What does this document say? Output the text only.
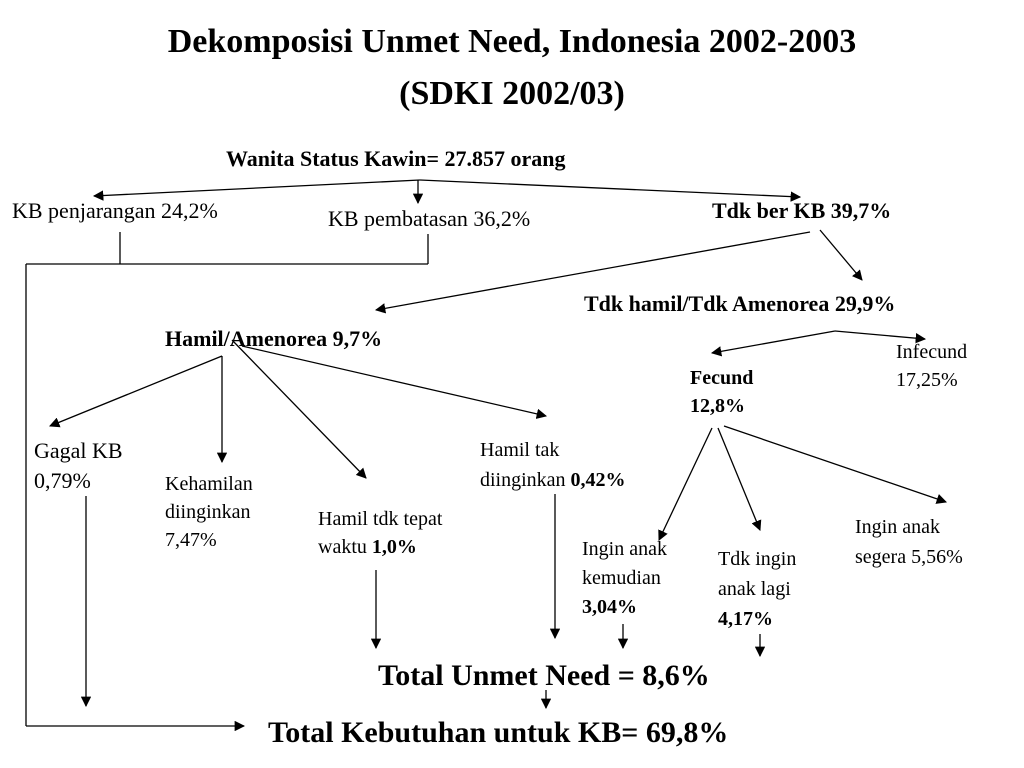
Dekomposisi Unmet Need, Indonesia 2002-2003
(SDKI 2002/03)
Wanita Status Kawin= 27.857 orang
KB penjarangan 24,2%	KB pembatasan 36,2%	Tdk ber KB 39,7%
Tdk hamil/Tdk Amenorea 29,9%
Hamil/Amenorea 9,7%
Infecund
17,25%
Fecund
12,8%
Gagal KB
0,79%	Kehamilan
diinginkan
7,47%
Hamil tdk tepat
waktu 1,0%
Hamil tak
diinginkan 0,42%
Ingin anak
kemudian
3,04%
Tdk ingin
anak lagi
4,17%
Ingin anak
segera 5,56%
Total Unmet Need = 8,6%
Total Kebutuhan untuk KB= 69,8%
